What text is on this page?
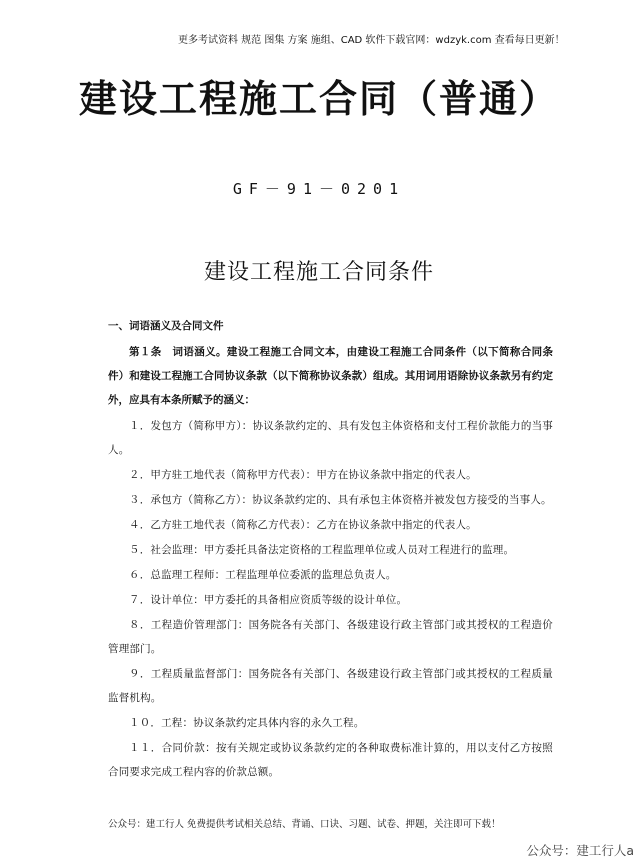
更多考试资料 规范 图集 方案 施组、CAD 软件下载官网：wdzyk.com 查看每日更新！
建设工程施工合同（普通）
GF－91－0201
建设工程施工合同条件
一、词语涵义及合同文件
第１条　词语涵义。建设工程施工合同文本，由建设工程施工合同条件（以下简称合同条件）和建设工程施工合同协议条款（以下简称协议条款）组成。其用词用语除协议条款另有约定外，应具有本条所赋予的涵义：
１．发包方（简称甲方）：协议条款约定的、具有发包主体资格和支付工程价款能力的当事人。
２．甲方驻工地代表（简称甲方代表）：甲方在协议条款中指定的代表人。
３．承包方（简称乙方）：协议条款约定的、具有承包主体资格并被发包方接受的当事人。
４．乙方驻工地代表（简称乙方代表）：乙方在协议条款中指定的代表人。
５．社会监理：甲方委托具备法定资格的工程监理单位或人员对工程进行的监理。
６．总监理工程师：工程监理单位委派的监理总负责人。
７．设计单位：甲方委托的具备相应资质等级的设计单位。
８．工程造价管理部门：国务院各有关部门、各级建设行政主管部门或其授权的工程造价管理部门。
９．工程质量监督部门：国务院各有关部门、各级建设行政主管部门或其授权的工程质量监督机构。
１０．工程：协议条款约定具体内容的永久工程。
１１．合同价款：按有关规定或协议条款约定的各种取费标准计算的，用以支付乙方按照合同要求完成工程内容的价款总额。
公众号：建工行人 免费提供考试相关总结、背诵、口诀、习题、试卷、押题，关注即可下载！
公众号：建工行人a
